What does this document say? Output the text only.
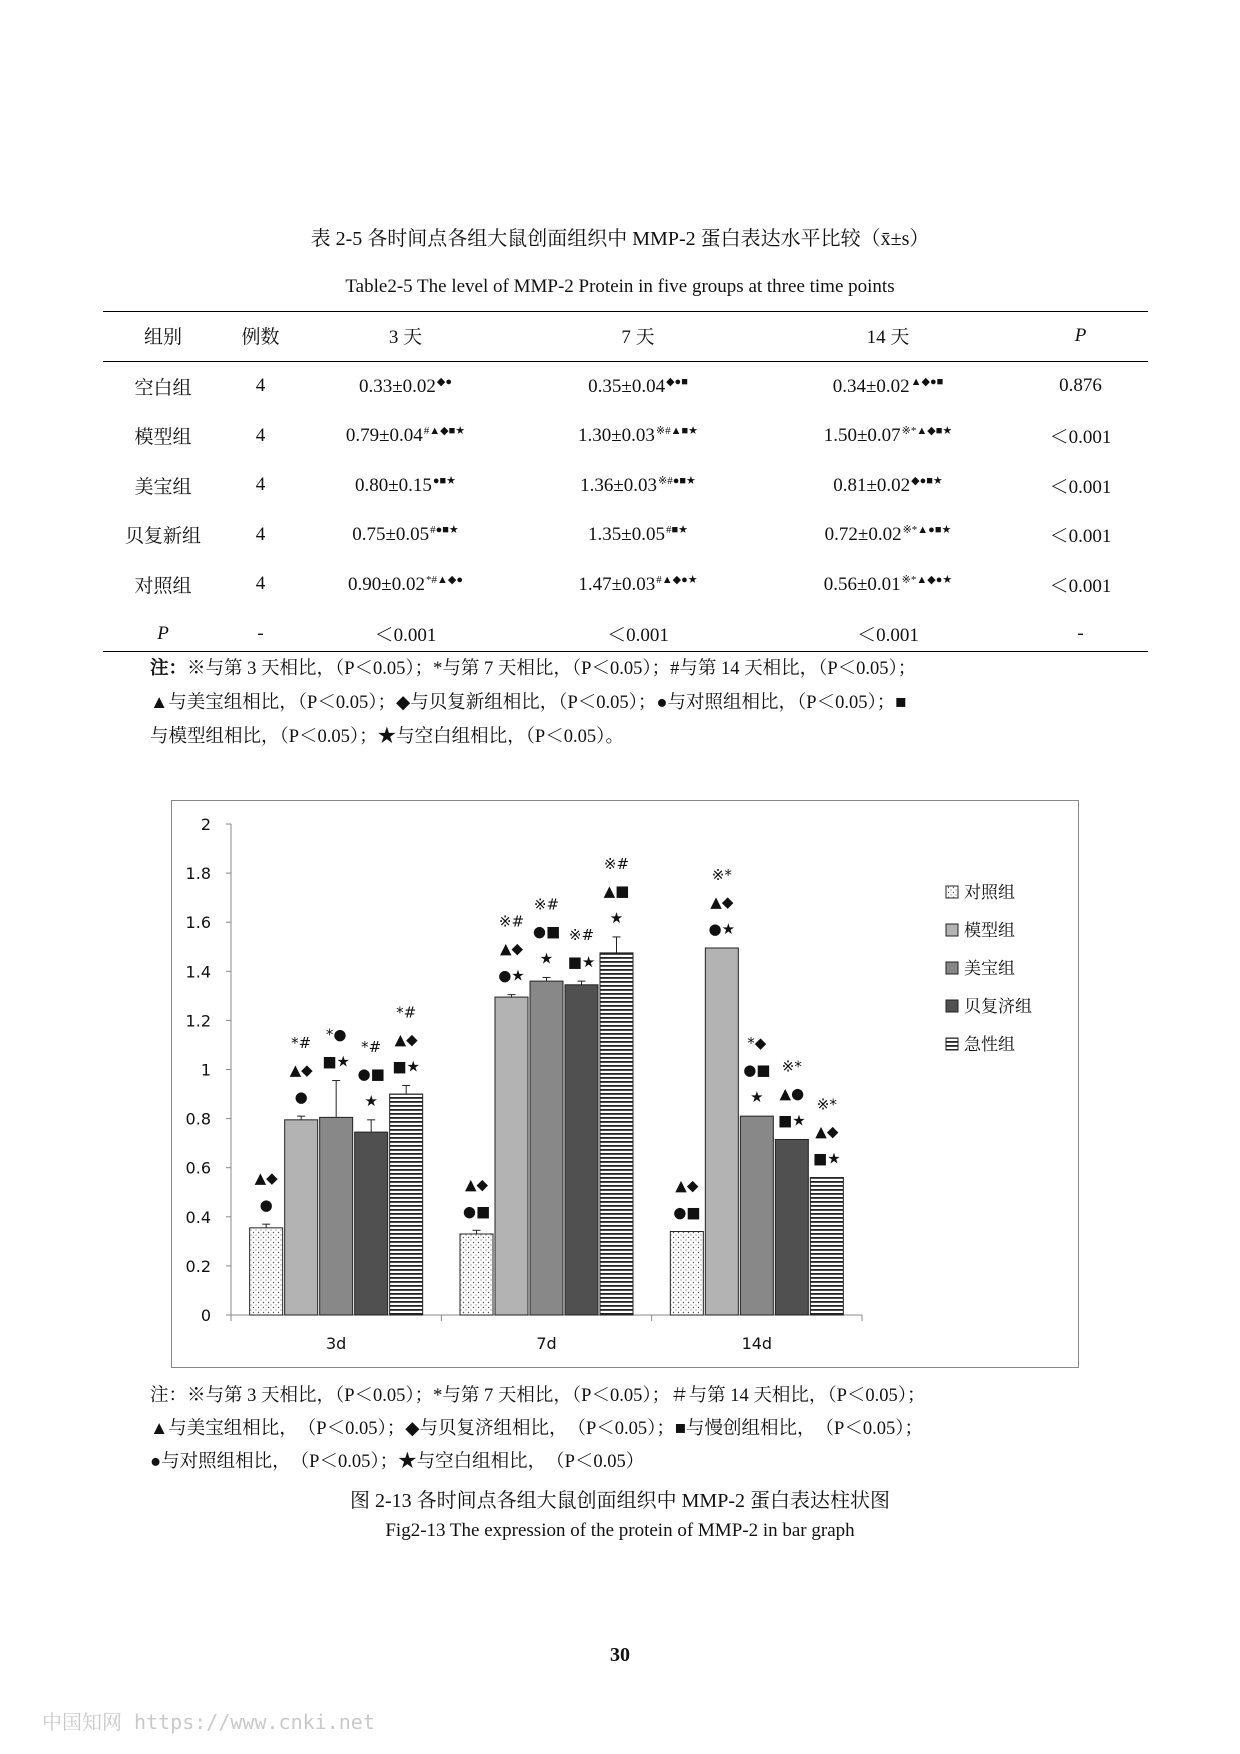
表 2-5 各时间点各组大鼠创面组织中 MMP-2 蛋白表达水平比较（x̄±s）
Table2-5 The level of MMP-2 Protein in five groups at three time points
组别	例数	3 天	7 天	14 天	P
空白组	4	0.33±0.02◆●	0.35±0.04◆●■	0.34±0.02▲◆●■	0.876
模型组	4	0.79±0.04#▲◆■★	1.30±0.03※#▲■★	1.50±0.07※*▲◆■★	＜0.001
美宝组	4	0.80±0.15●■★	1.36±0.03※#●■★	0.81±0.02◆●■★	＜0.001
贝复新组	4	0.75±0.05#●■★	1.35±0.05#■★	0.72±0.02※*▲●■★	＜0.001
对照组	4	0.90±0.02*#▲◆●	1.47±0.03#▲◆●★	0.56±0.01※*▲◆●★	＜0.001
P	-	＜0.001	＜0.001	＜0.001	-
注：※与第 3 天相比，（P＜0.05）；*与第 7 天相比，（P＜0.05）；#与第 14 天相比，（P＜0.05）；
▲与美宝组相比，（P＜0.05）；◆与贝复新组相比，（P＜0.05）；●与对照组相比，（P＜0.05）；■
与模型组相比，（P＜0.05）；★与空白组相比，（P＜0.05）。
0
0.2
0.4
0.6
0.8
1
1.2
1.4
1.6
1.8
2
3d	7d	14d
▲◆
●
*#
▲◆
●
*●
■★
*#
●■
★
*#
▲◆
■★
▲◆
●■
※#
▲◆
●★
※#
●■
★
※#
■★
※#
▲■
★
▲◆
●■
※*
▲◆
●★
*◆
●■
★
※*
▲●
■★
※*
▲◆
■★
对照组
模型组
美宝组
贝复济组
急性组
注：※与第 3 天相比，（P＜0.05）；*与第 7 天相比，（P＜0.05）；＃与第 14 天相比，（P＜0.05）；
▲与美宝组相比，　（P＜0.05）；◆与贝复济组相比，　（P＜0.05）；■与慢创组相比，　（P＜0.05）；
●与对照组相比，　（P＜0.05）；★与空白组相比，　（P＜0.05）
图 2-13 各时间点各组大鼠创面组织中 MMP-2 蛋白表达柱状图
Fig2-13 The expression of the protein of MMP-2 in bar graph
30
中国知网 https://www.cnki.net
